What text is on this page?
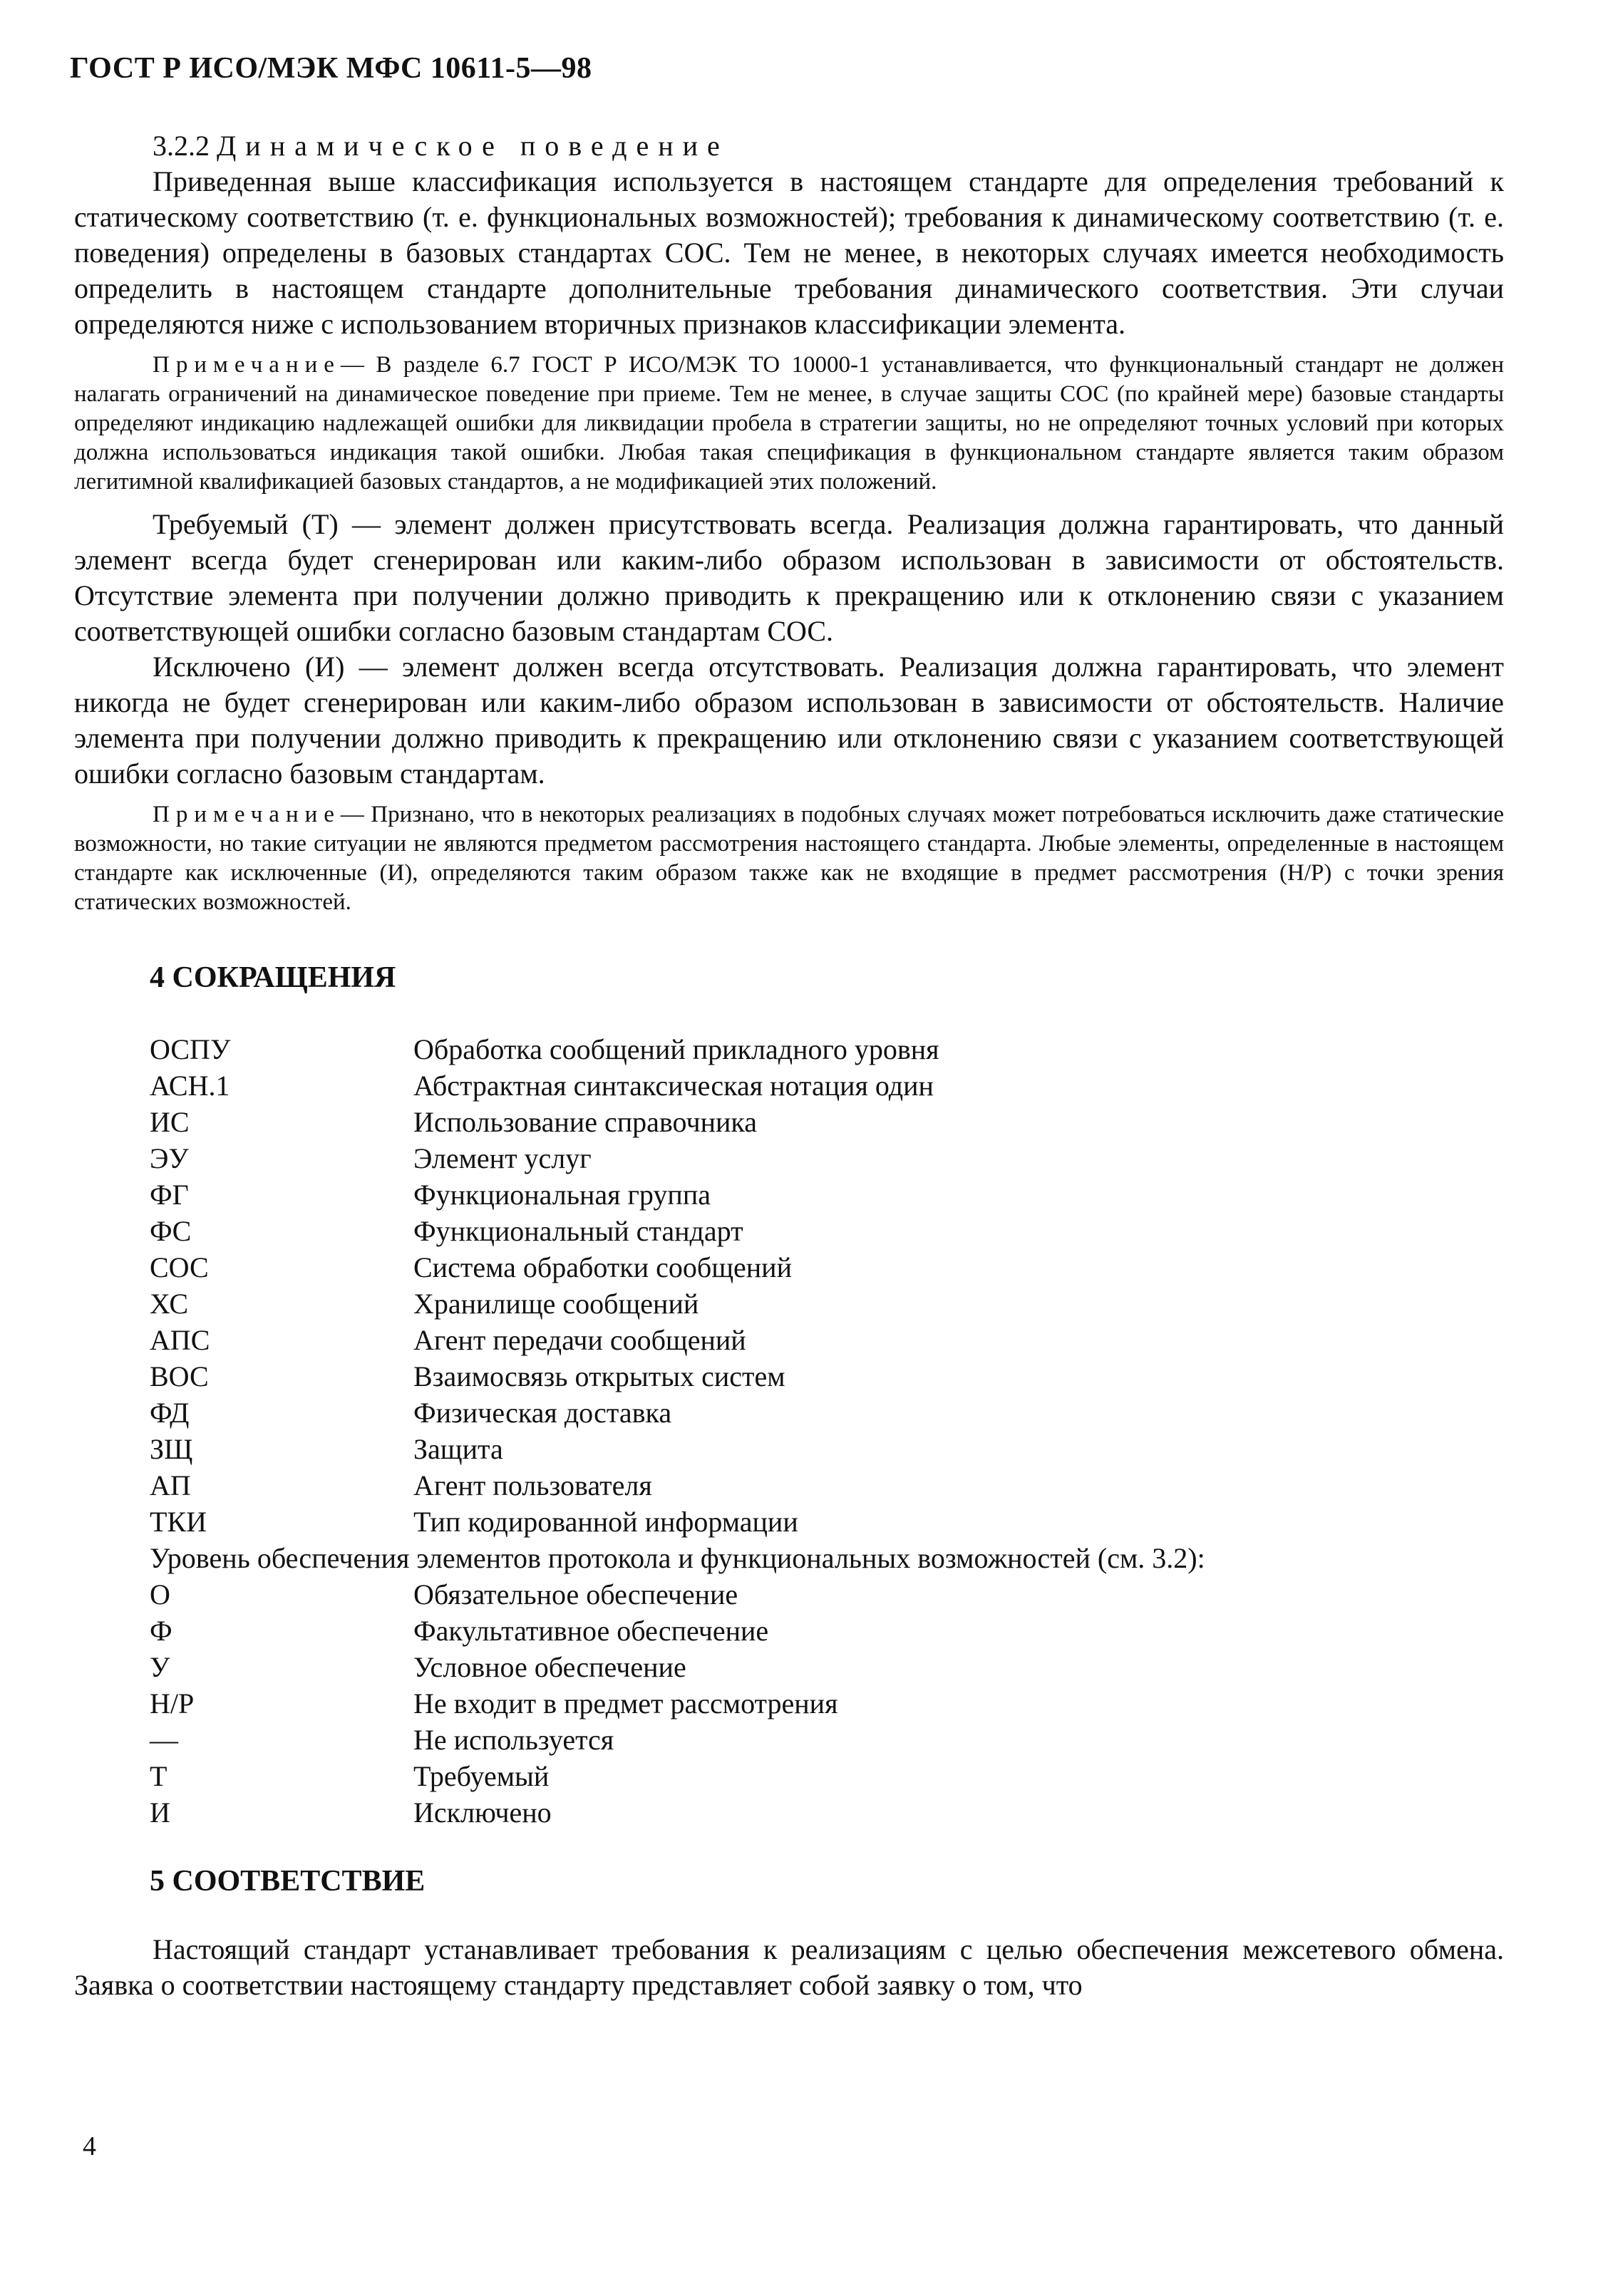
ГОСТ Р ИСО/МЭК МФС 10611-5—98
3.2.2 Динамическое поведение

Приведенная выше классификация используется в настоящем стандарте для определения требований к статическому соответствию (т. е. функциональных возможностей); требования к динамическому соответствию (т. е. поведения) определены в базовых стандартах СОС. Тем не менее, в некоторых случаях имеется необходимость определить в настоящем стандарте дополнительные требования динамического соответствия. Эти случаи определяются ниже с использованием вторичных признаков классификации элемента.

Примечание— В разделе 6.7 ГОСТ Р ИСО/МЭК ТО 10000-1 устанавливается, что функциональный стандарт не должен налагать ограничений на динамическое поведение при приеме. Тем не менее, в случае защиты СОС (по крайней мере) базовые стандарты определяют индикацию надлежащей ошибки для ликвидации пробела в стратегии защиты, но не определяют точных условий при которых должна использоваться индикация такой ошибки. Любая такая спецификация в функциональном стандарте является таким образом легитимной квалификацией базовых стандартов, а не модификацией этих положений.

Требуемый (Т) — элемент должен присутствовать всегда. Реализация должна гарантировать, что данный элемент всегда будет сгенерирован или каким-либо образом использован в зависимости от обстоятельств. Отсутствие элемента при получении должно приводить к прекращению или к отклонению связи с указанием соответствующей ошибки согласно базовым стандартам СОС.

Исключено (И) — элемент должен всегда отсутствовать. Реализация должна гарантировать, что элемент никогда не будет сгенерирован или каким-либо образом использован в зависимости от обстоятельств. Наличие элемента при получении должно приводить к прекращению или отклонению связи с указанием соответствующей ошибки согласно базовым стандартам.

Примечание— Признано, что в некоторых реализациях в подобных случаях может потребоваться исключить даже статические возможности, но такие ситуации не являются предметом рассмотрения настоящего стандарта. Любые элементы, определенные в настоящем стандарте как исключенные (И), определяются таким образом также как не входящие в предмет рассмотрения (Н/Р) с точки зрения статических возможностей.

4 СОКРАЩЕНИЯ
ОСПУ	Обработка сообщений прикладного уровня
АСН.1	Абстрактная синтаксическая нотация один
ИС	Использование справочника
ЭУ	Элемент услуг
ФГ	Функциональная группа
ФС	Функциональный стандарт
СОС	Система обработки сообщений
ХС	Хранилище сообщений
АПС	Агент передачи сообщений
ВОС	Взаимосвязь открытых систем
ФД	Физическая доставка
ЗЩ	Защита
АП	Агент пользователя
ТКИ	Тип кодированной информации
Уровень обеспечения элементов протокола и функциональных возможностей (см. 3.2):
О	Обязательное обеспечение
Ф	Факультативное обеспечение
У	Условное обеспечение
Н/Р	Не входит в предмет рассмотрения
—	Не используется
Т	Требуемый
И	Исключено
5 СООТВЕТСТВИЕ

Настоящий стандарт устанавливает требования к реализациям с целью обеспечения межсетевого обмена. Заявка о соответствии настоящему стандарту представляет собой заявку о том, что

4
